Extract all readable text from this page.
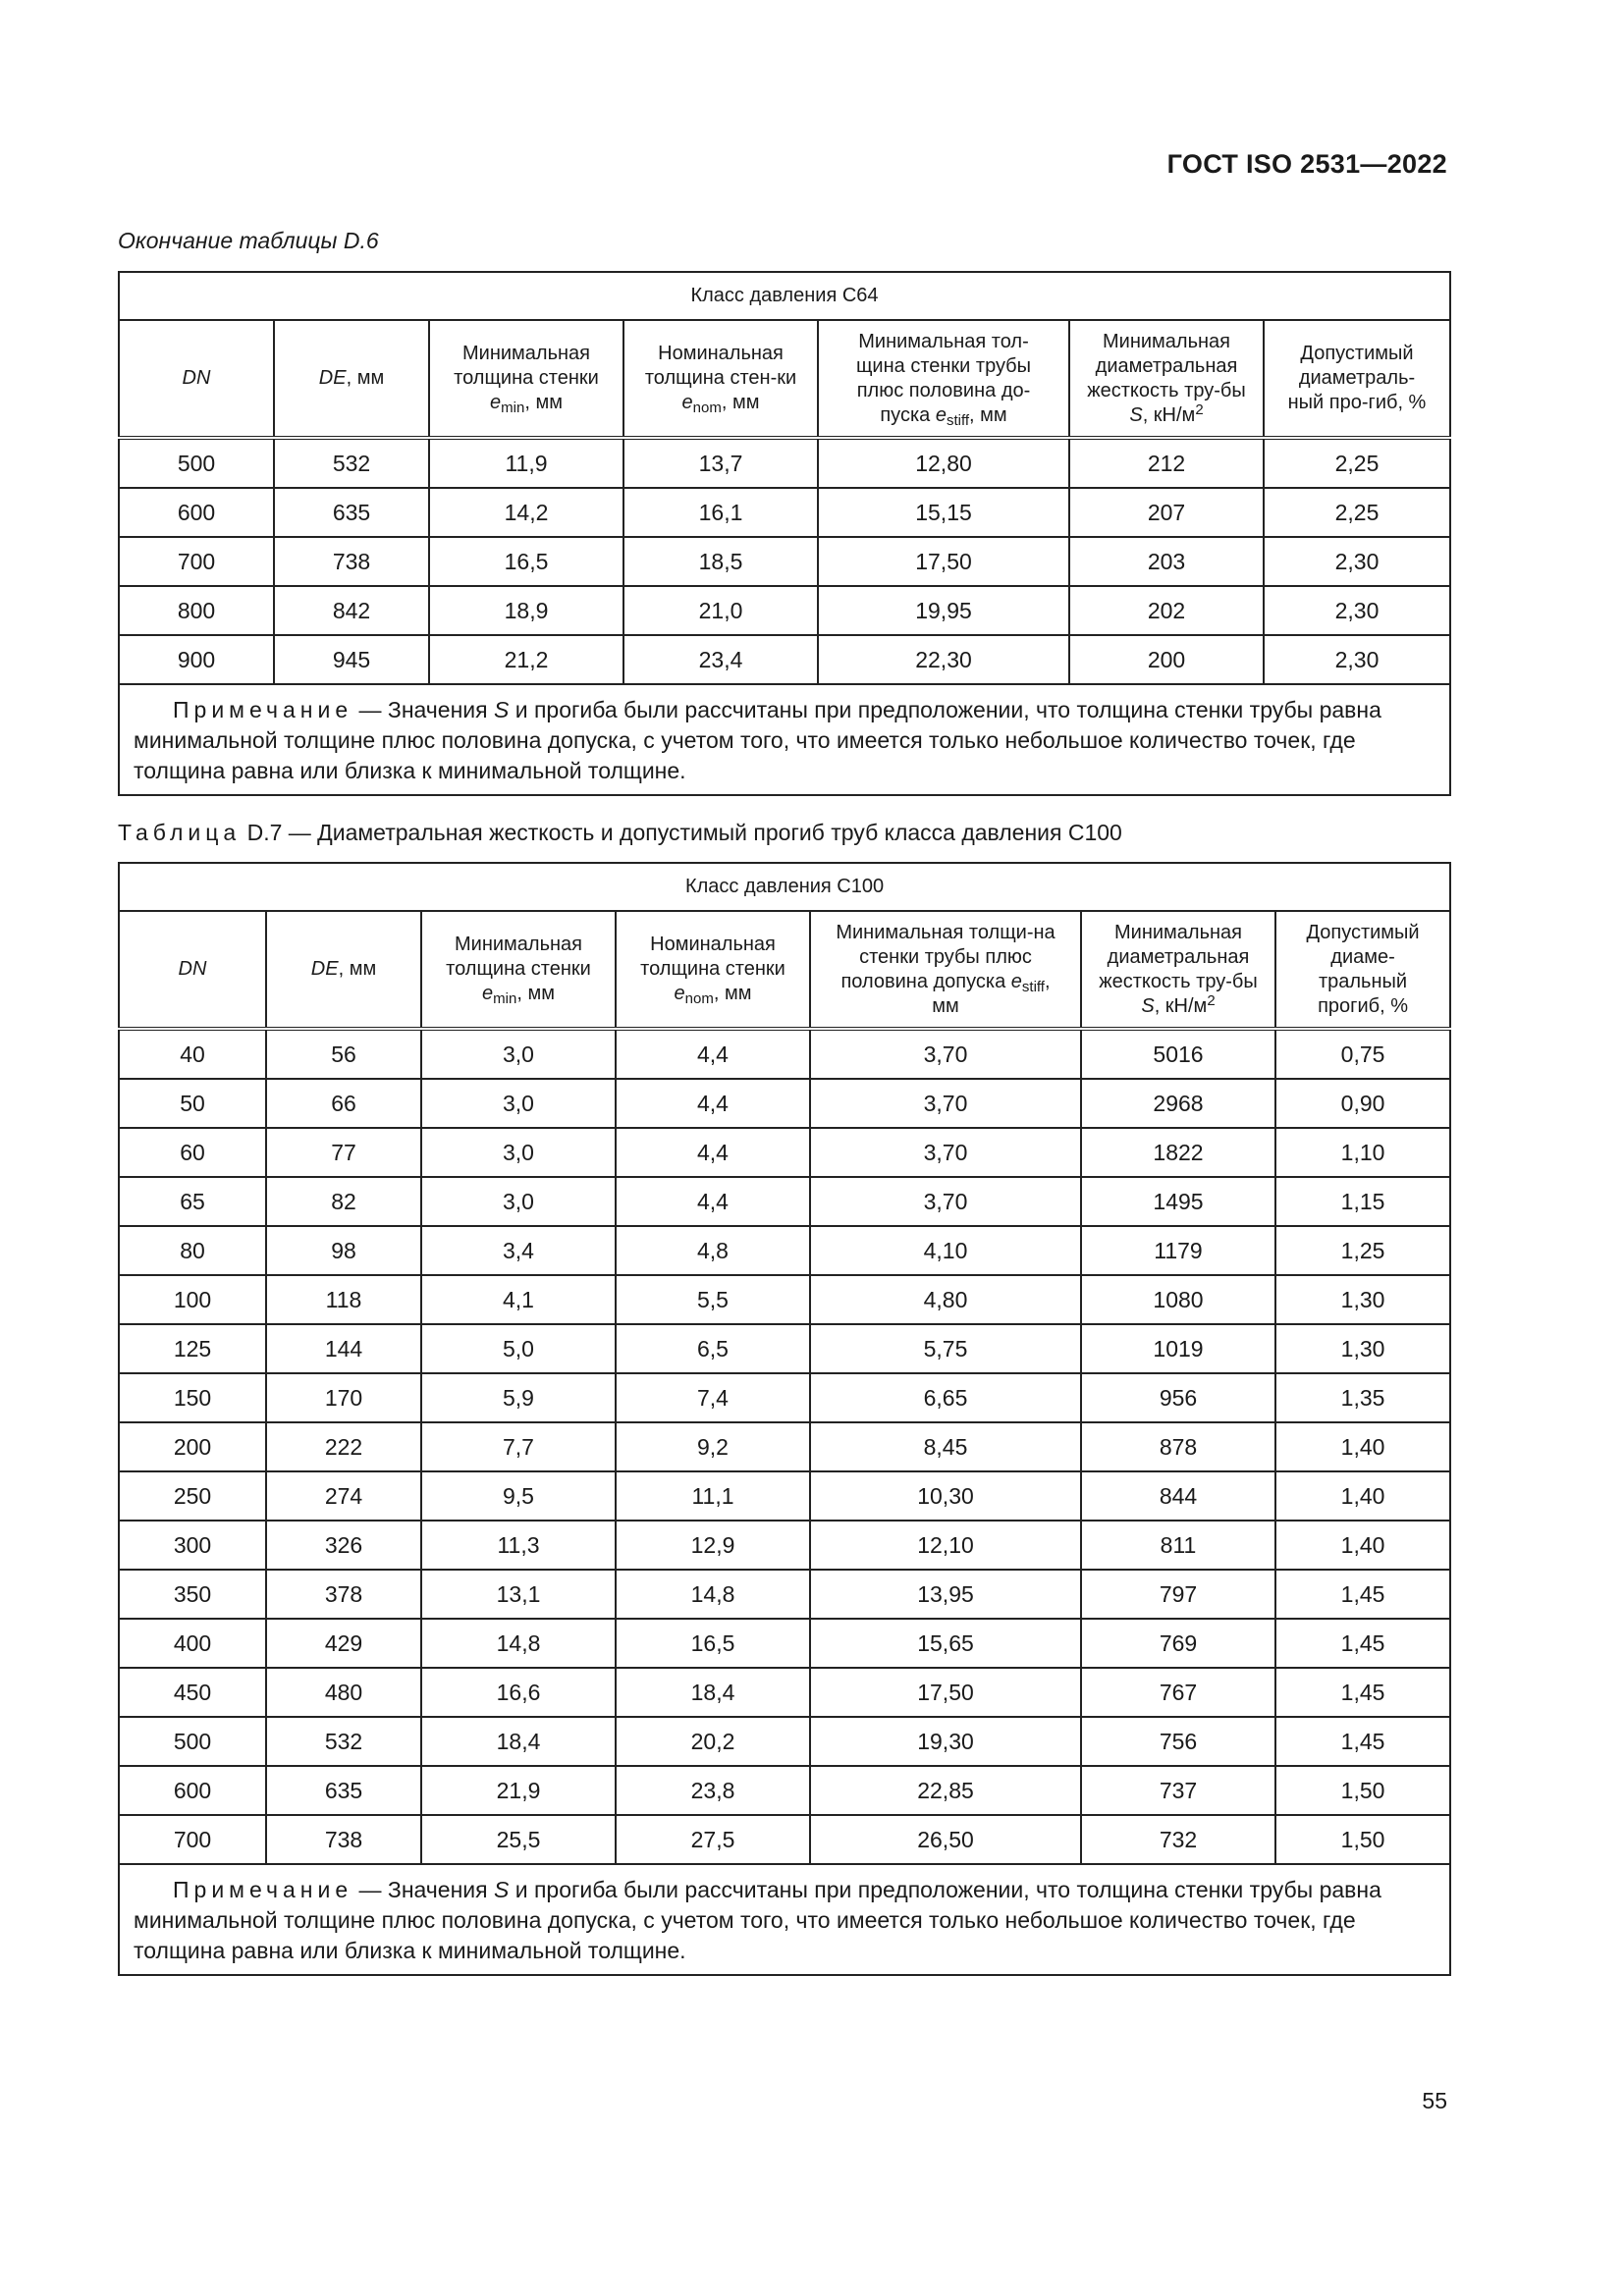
ГОСТ ISO 2531—2022
Окончание таблицы D.6
Класс давления С64						
DN	DE, мм	Минимальная толщина стенки $e_{min}$, мм	Номинальная толщина стен-ки $e_{nom}$, мм	Минимальная тол-щина стенки трубы плюс половина до-пуска $e_{stiff}$, мм	Минимальная диаметральная жесткость тру-бы S, $кН/м^2$	Допустимый диаметраль-ный про-гиб, %
500	532	11,9	13,7	12,80	212	2,25
600	635	14,2	16,1	15,15	207	2,25
700	738	16,5	18,5	17,50	203	2,30
800	842	18,9	21,0	19,95	202	2,30
900	945	21,2	23,4	22,30	200	2,30
Примечание — Значения S и прогиба были рассчитаны при предположении, что толщина стенки трубы равна минимальной толщине плюс половина допуска, с учетом того, что имеется только небольшое количество точек, где толщина равна или близка к минимальной толщине.						
Таблица D.7 — Диаметральная жесткость и допустимый прогиб труб класса давления С100
Класс давления С100						
DN	DE, мм	Минимальная толщина стенки $e_{min}$, мм	Номинальная толщина стенки $e_{nom}$, мм	Минимальная толщи-на стенки трубы плюс половина допуска $e_{stiff}$, мм	Минимальная диаметральная жесткость тру-бы S, $кН/м^2$	Допустимый диаме-тральный прогиб, %
40	56	3,0	4,4	3,70	5016	0,75
50	66	3,0	4,4	3,70	2968	0,90
60	77	3,0	4,4	3,70	1822	1,10
65	82	3,0	4,4	3,70	1495	1,15
80	98	3,4	4,8	4,10	1179	1,25
100	118	4,1	5,5	4,80	1080	1,30
125	144	5,0	6,5	5,75	1019	1,30
150	170	5,9	7,4	6,65	956	1,35
200	222	7,7	9,2	8,45	878	1,40
250	274	9,5	11,1	10,30	844	1,40
300	326	11,3	12,9	12,10	811	1,40
350	378	13,1	14,8	13,95	797	1,45
400	429	14,8	16,5	15,65	769	1,45
450	480	16,6	18,4	17,50	767	1,45
500	532	18,4	20,2	19,30	756	1,45
600	635	21,9	23,8	22,85	737	1,50
700	738	25,5	27,5	26,50	732	1,50
Примечание — Значения S и прогиба были рассчитаны при предположении, что толщина стенки трубы равна минимальной толщине плюс половина допуска, с учетом того, что имеется только небольшое количество точек, где толщина равна или близка к минимальной толщине.						
55
